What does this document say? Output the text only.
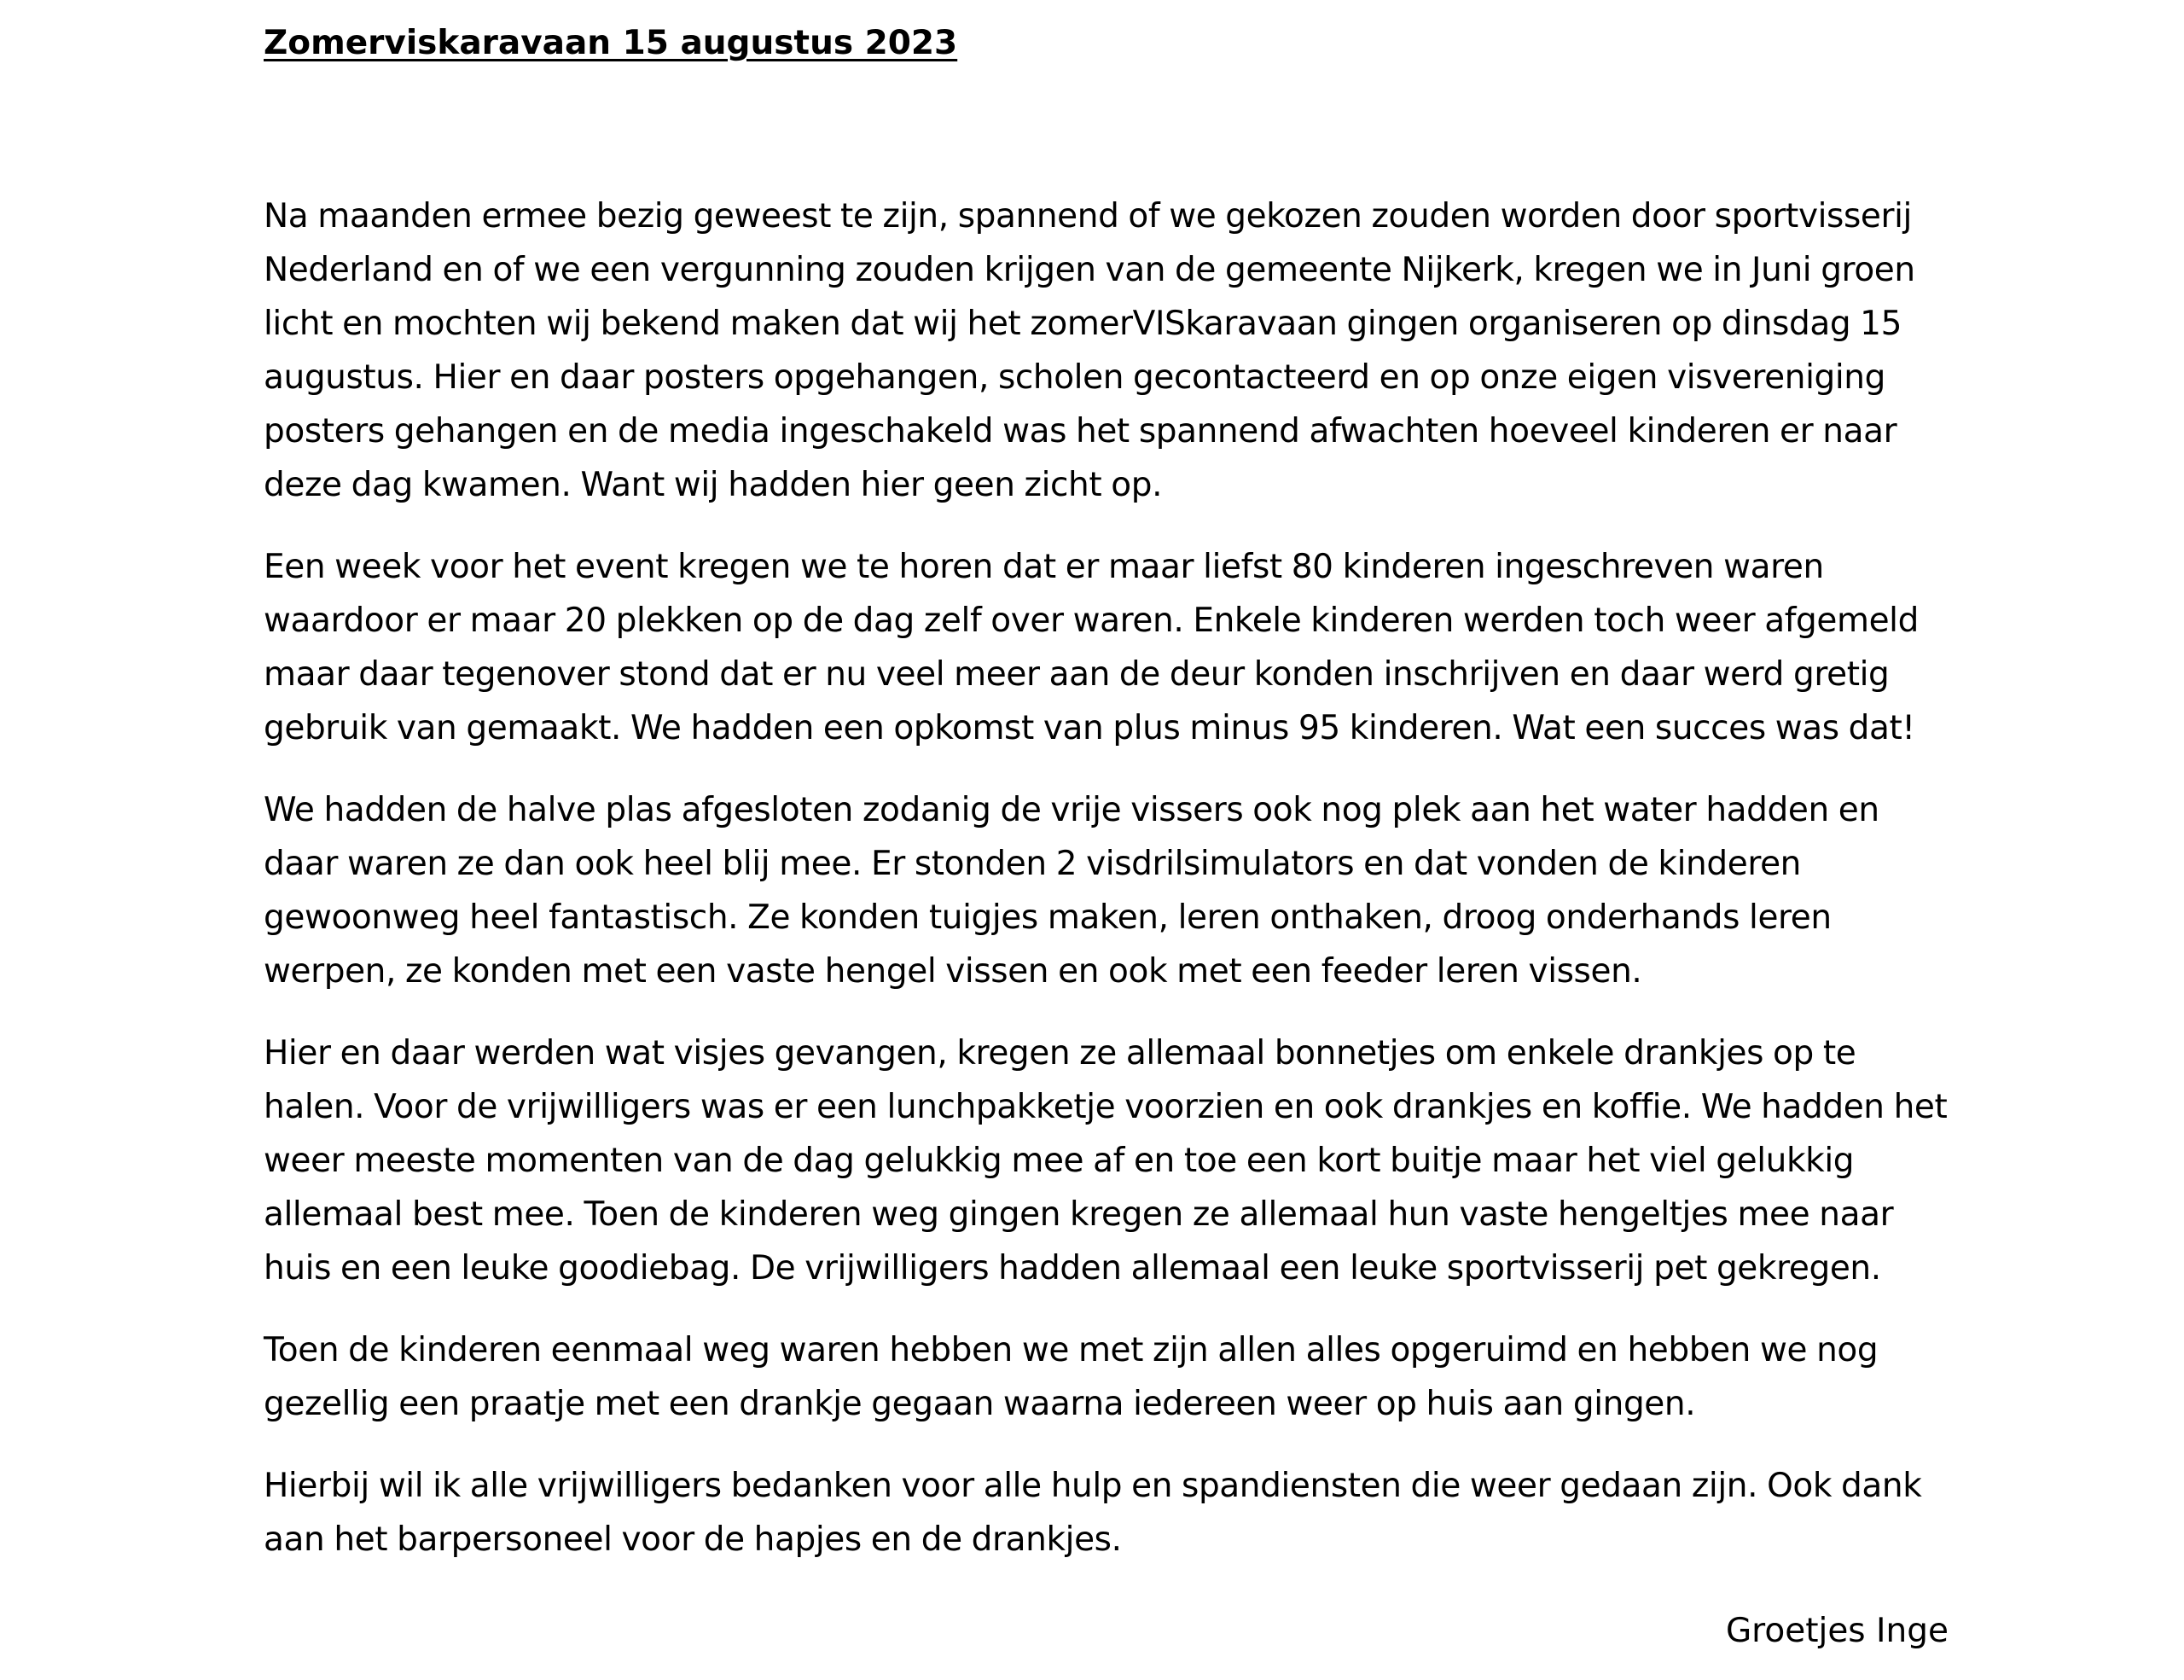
Zomerviskaravaan 15 augustus 2023

Na maanden ermee bezig geweest te zijn, spannend of we gekozen zouden worden door sportvisserij Nederland en of we een vergunning zouden krijgen van de gemeente Nijkerk, kregen we in Juni groen licht en mochten wij bekend maken dat wij het zomerVISkaravaan gingen organiseren op dinsdag 15 augustus. Hier en daar posters opgehangen, scholen gecontacteerd en op onze eigen visvereniging posters gehangen en de media ingeschakeld was het spannend afwachten hoeveel kinderen er naar deze dag kwamen. Want wij hadden hier geen zicht op.

Een week voor het event kregen we te horen dat er maar liefst 80 kinderen ingeschreven waren waardoor er maar 20 plekken op de dag zelf over waren. Enkele kinderen werden toch weer afgemeld maar daar tegenover stond dat er nu veel meer aan de deur konden inschrijven en daar werd gretig gebruik van gemaakt. We hadden een opkomst van plus minus 95 kinderen. Wat een succes was dat!

We hadden de halve plas afgesloten zodanig de vrije vissers ook nog plek aan het water hadden en daar waren ze dan ook heel blij mee. Er stonden 2 visdrilsimulators en dat vonden de kinderen gewoonweg heel fantastisch. Ze konden tuigjes maken, leren onthaken, droog onderhands leren werpen, ze konden met een vaste hengel vissen en ook met een feeder leren vissen.

Hier en daar werden wat visjes gevangen, kregen ze allemaal bonnetjes om enkele drankjes op te halen. Voor de vrijwilligers was er een lunchpakketje voorzien en ook drankjes en koffie. We hadden het weer meeste momenten van de dag gelukkig mee af en toe een kort buitje maar het viel gelukkig allemaal best mee. Toen de kinderen weg gingen kregen ze allemaal hun vaste hengeltjes mee naar huis en een leuke goodiebag. De vrijwilligers hadden allemaal een leuke sportvisserij pet gekregen.

Toen de kinderen eenmaal weg waren hebben we met zijn allen alles opgeruimd en hebben we nog gezellig een praatje met een drankje gegaan waarna iedereen weer op huis aan gingen.

Hierbij wil ik alle vrijwilligers bedanken voor alle hulp en spandiensten die weer gedaan zijn. Ook dank aan het barpersoneel voor de hapjes en de drankjes.

Groetjes Inge
